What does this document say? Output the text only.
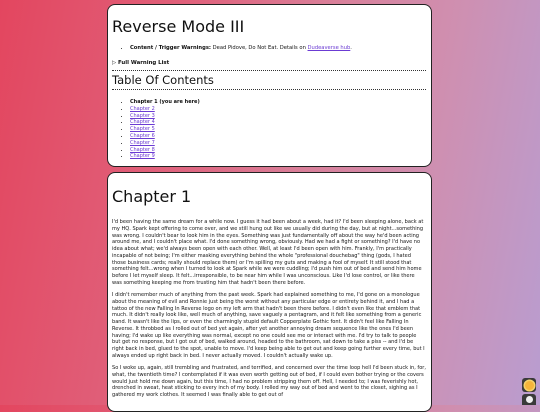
Reverse Mode III
• Content / Trigger Warnings: Dead Pidove, Do Not Eat. Details on Dudeaverse hub.
▷ Full Warning List
Table Of Contents
• Chapter 1 (you are here)
• Chapter 2
• Chapter 3
• Chapter 4
• Chapter 5
• Chapter 6
• Chapter 7
• Chapter 8
• Chapter 9
Chapter 1

I'd been having the same dream for a while now. I guess it had been about a week, had it? I'd been sleeping alone, back at my HQ. Spark kept offering to come over, and we still hung out like we usually did during the day, but at night...something was wrong. I couldn't bear to look him in the eyes. Something was just fundamentally off about the way he'd been acting around me, and I couldn't place what. I'd done something wrong, obviously. Had we had a fight or something? I'd have no idea about what; we'd always been open with each other. Well, at least I'd been open with him. Frankly, I'm practically incapable of not being; I'm either masking everything behind the whole "professional douchebag" thing (gods, I hated those business cards; really should replace them) or I'm spilling my guts and making a fool of myself. It still stood that something felt...wrong when I turned to look at Spark while we were cuddling; I'd push him out of bed and send him home before I let myself sleep. It felt...irresponsible, to be near him while I was unconscious. Like I'd lose control, or like there was something keeping me from trusting him that hadn't been there before.

I didn't remember much of anything from the past week. Spark had explained something to me, I'd gone on a monologue about the meaning of evil and Ronnie just being the worst without any particular edge or entirety behind it, and I had a tattoo of the new Falling In Reverse logo on my left arm that hadn't been there before. I didn't even like that emblem that much. It didn't really look like, well much of anything, save vaguely a pentagram, and it felt like something from a generic band. It wasn't like the lips, or even the charmingly stupid default Copperplate Gothic font. It didn't feel like Falling In Reverse. It throbbed as I rolled out of bed yet again, after yet another annoying dream sequence like the ones I'd been having; I'd wake up like everything was normal, except no one could see me or interact with me. I'd try to talk to people but get no response, but I got out of bed, walked around, headed to the bathroom, sat down to take a piss -- and I'd be right back in bed, glued to the spot, unable to move. I'd keep being able to get out and keep going further every time, but I always ended up right back in bed. I never actually moved. I couldn't actually wake up.

So I woke up, again, still trembling and frustrated, and terrified, and concerned over the time loop hell I'd been stuck in, for, what, the twentieth time? I contemplated if it was even worth getting out of bed, if I could even bother trying or the covers would just hold me down again, but this time, I had no problem stripping them off. Hell, I needed to; I was feverishly hot, drenched in sweat, heat sticking to every inch of my body. I rolled my way out of bed and went to the closet, sighing as I gathered my work clothes. It seemed I was finally able to get out of
